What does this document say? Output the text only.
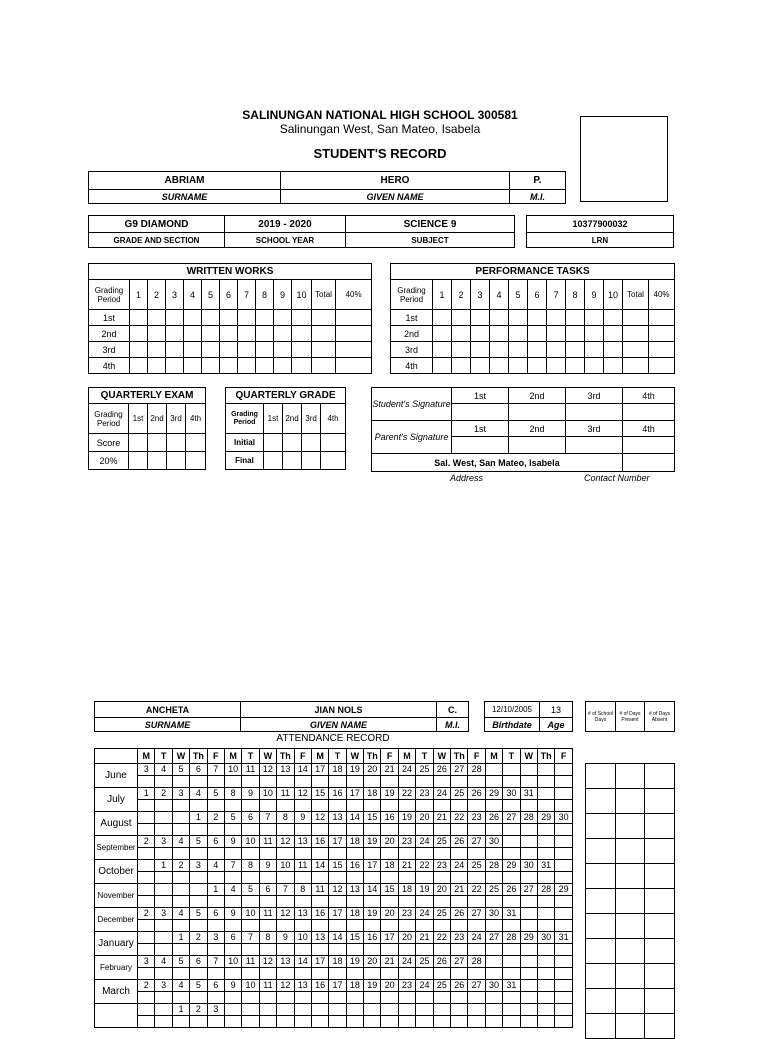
SALINUNGAN NATIONAL HIGH SCHOOL 300581
Salinungan West, San Mateo, Isabela
STUDENT'S RECORD
ABRIAM	HERO	P.
SURNAME	GIVEN NAME	M.I.
G9 DIAMOND	2019 - 2020	SCIENCE 9
GRADE AND SECTION	SCHOOL YEAR	SUBJECT
10377900032
LRN
WRITTEN WORKS												
Grading Period	1	2	3	4	5	6	7	8	9	10	Total	40%
1st												
2nd												
3rd												
4th												
PERFORMANCE TASKS												
Grading Period	1	2	3	4	5	6	7	8	9	10	Total	40%
1st												
2nd												
3rd												
4th												
QUARTERLY EXAM				
Grading Period	1st	2nd	3rd	4th
Score				
20%				
QUARTERLY GRADE				
Grading Period	1st	2nd	3rd	4th
Initial				
Final				
Student's Signature	1st	2nd	3rd	4th

Parent's Signature	1st	2nd	3rd	4th

Sal. West, San Mateo, Isabela				
Address	Contact Number
ANCHETA	JIAN NOLS	C.
SURNAME	GIVEN NAME	M.I.
12/10/2005	13
Birthdate	Age
# of School Days	# of Days Present	# of Days Absent
ATTENDANCE RECORD
	M	T	W	Th	F	M	T	W	Th	F	M	T	W	Th	F	M	T	W	Th	F	M	T	W	Th	F
June	3	4	5	6	7	10	11	12	13	14	17	18	19	20	21	24	25	26	27	28					

July	1	2	3	4	5	8	9	10	11	12	15	16	17	18	19	22	23	24	25	26	29	30	31		

August				1	2	5	6	7	8	9	12	13	14	15	16	19	20	21	22	23	26	27	28	29	30

September	2	3	4	5	6	9	10	11	12	13	16	17	18	19	20	23	24	25	26	27	30				

October		1	2	3	4	7	8	9	10	11	14	15	16	17	18	21	22	23	24	25	28	29	30	31	

November					1	4	5	6	7	8	11	12	13	14	15	18	19	20	21	22	25	26	27	28	29

December	2	3	4	5	6	9	10	11	12	13	16	17	18	19	20	23	24	25	26	27	30	31			

January			1	2	3	6	7	8	9	10	13	14	15	16	17	20	21	22	23	24	27	28	29	30	31

February	3	4	5	6	7	10	11	12	13	14	17	18	19	20	21	24	25	26	27	28					

March	2	3	4	5	6	9	10	11	12	13	16	17	18	19	20	23	24	25	26	27	30	31			

			1	2	3																				
